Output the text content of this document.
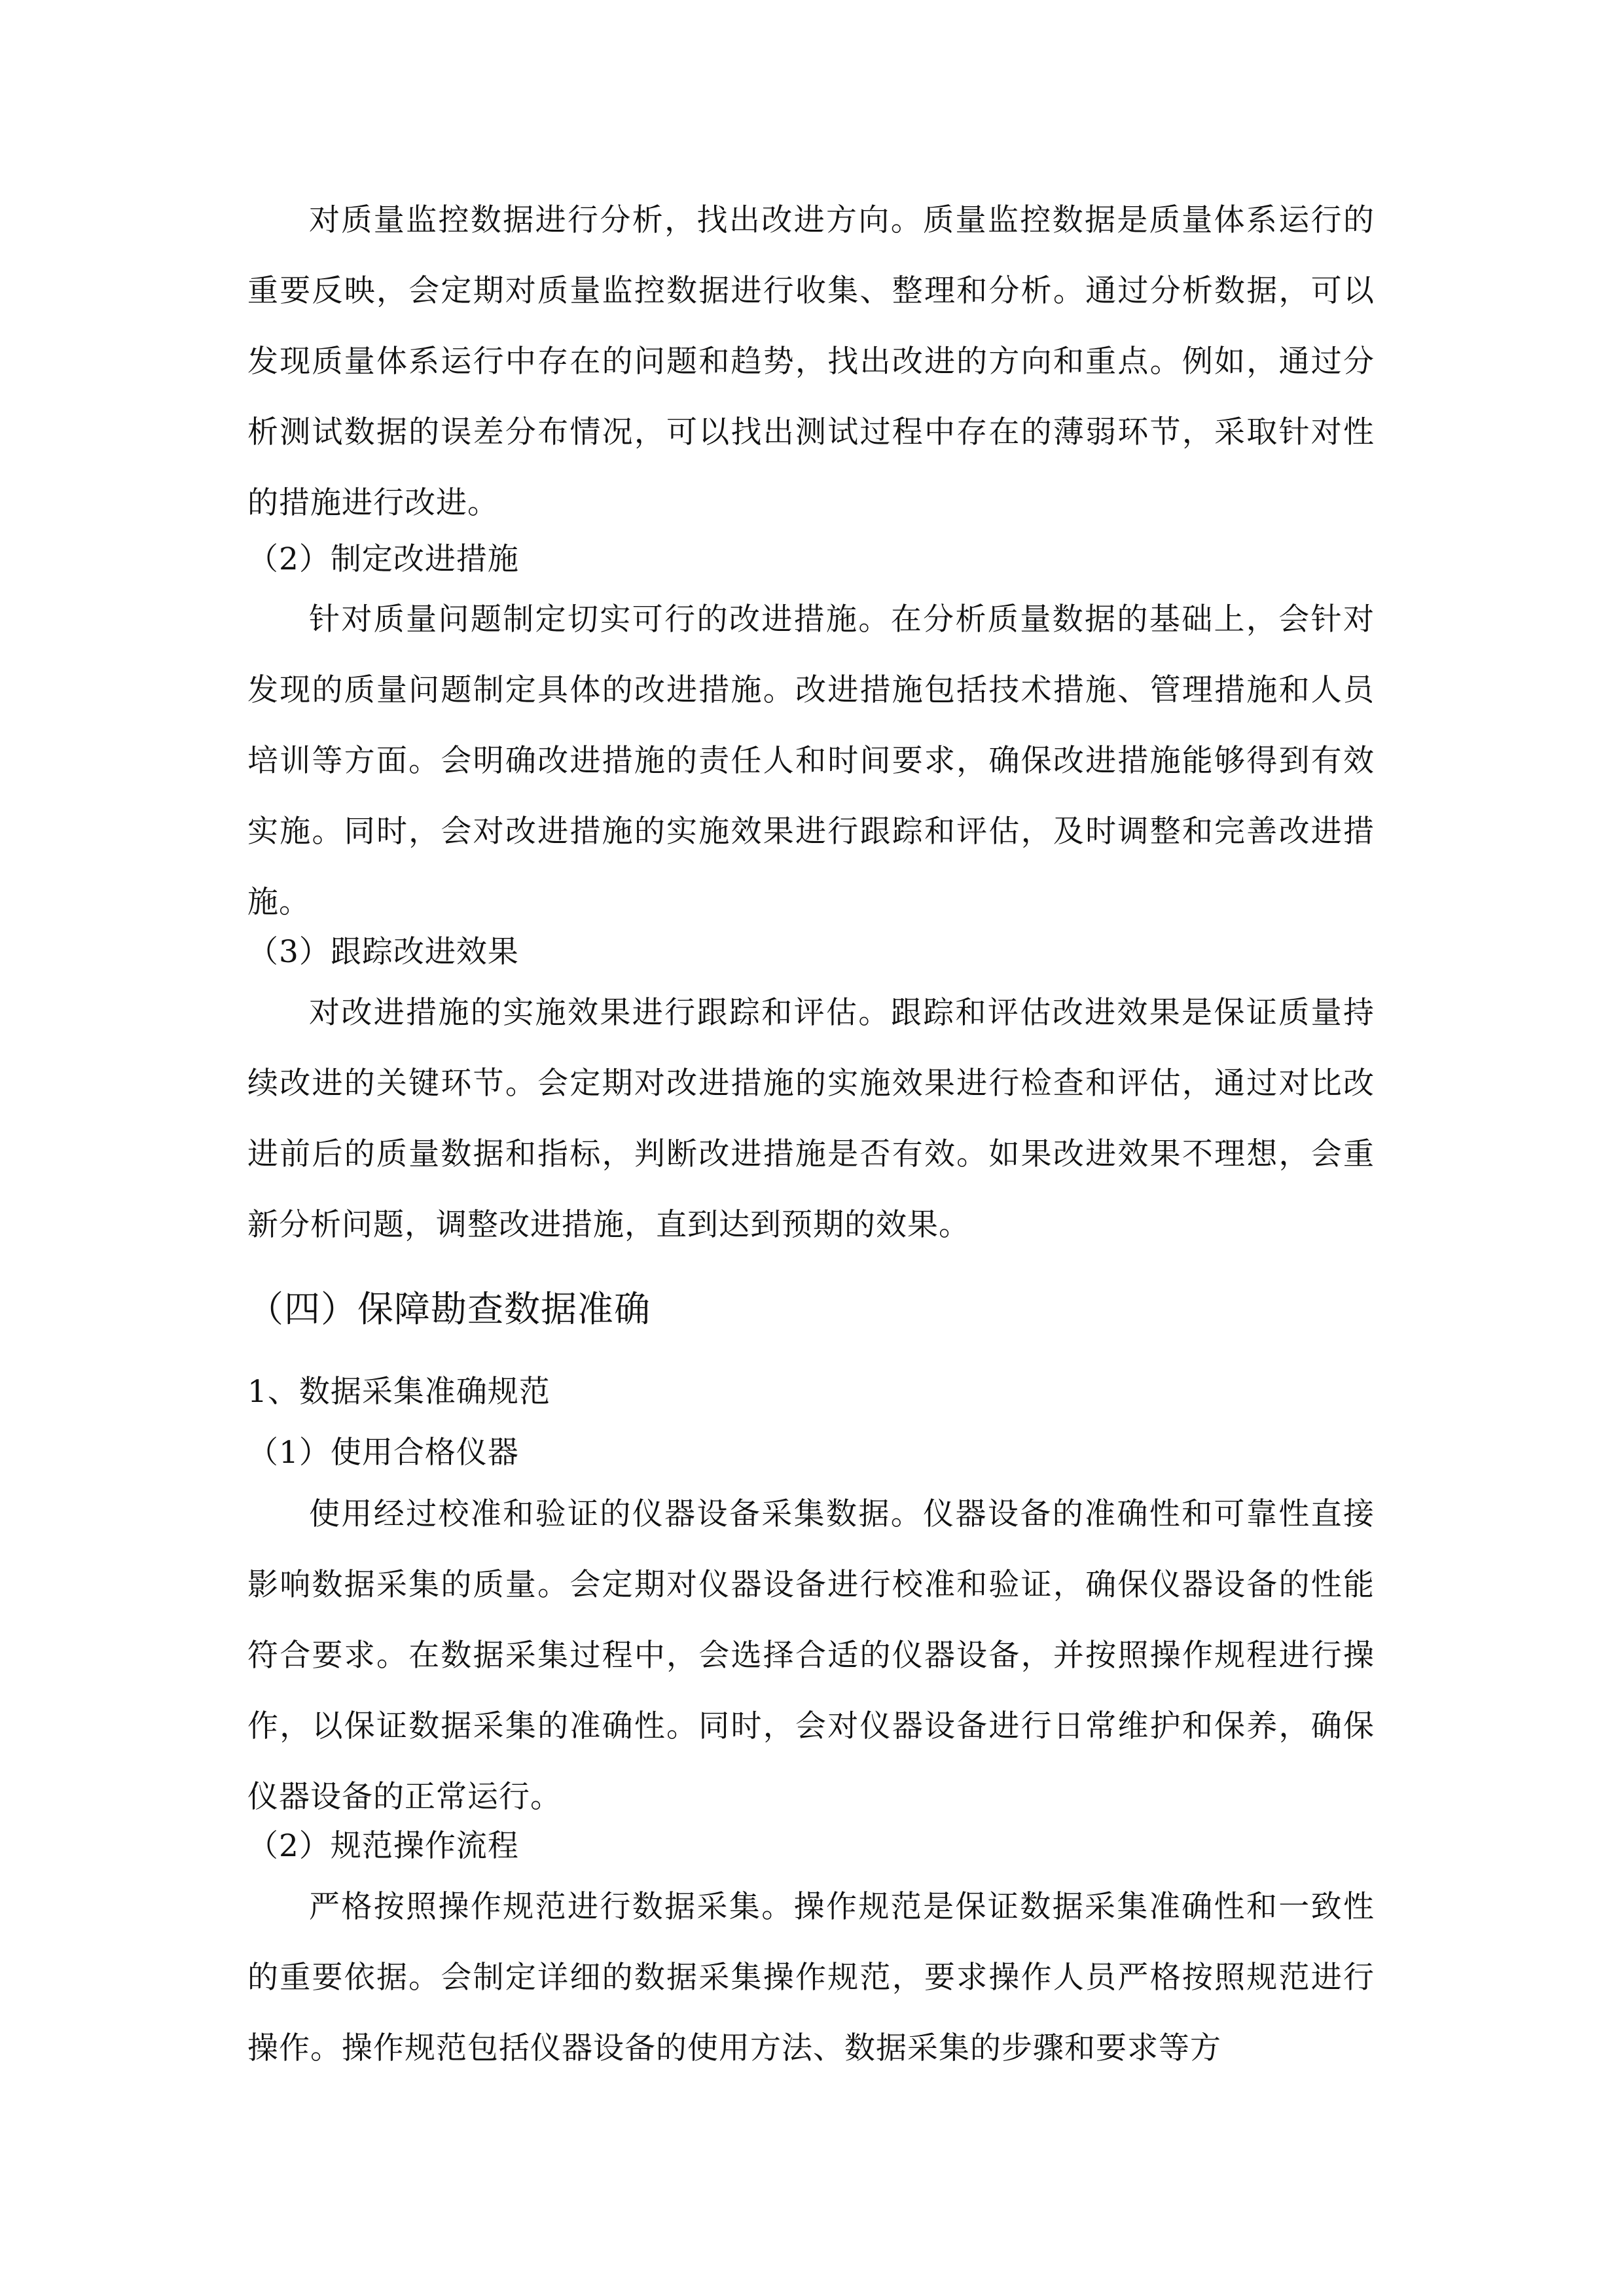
对质量监控数据进行分析，找出改进方向。质量监控数据是质量体系运行的重要反映，会定期对质量监控数据进行收集、整理和分析。通过分析数据，可以发现质量体系运行中存在的问题和趋势，找出改进的方向和重点。例如，通过分析测试数据的误差分布情况，可以找出测试过程中存在的薄弱环节，采取针对性的措施进行改进。

（2）制定改进措施

针对质量问题制定切实可行的改进措施。在分析质量数据的基础上，会针对发现的质量问题制定具体的改进措施。改进措施包括技术措施、管理措施和人员培训等方面。会明确改进措施的责任人和时间要求，确保改进措施能够得到有效实施。同时，会对改进措施的实施效果进行跟踪和评估，及时调整和完善改进措施。

（3）跟踪改进效果

对改进措施的实施效果进行跟踪和评估。跟踪和评估改进效果是保证质量持续改进的关键环节。会定期对改进措施的实施效果进行检查和评估，通过对比改进前后的质量数据和指标，判断改进措施是否有效。如果改进效果不理想，会重新分析问题，调整改进措施，直到达到预期的效果。

（四）保障勘查数据准确

1、数据采集准确规范

（1）使用合格仪器

使用经过校准和验证的仪器设备采集数据。仪器设备的准确性和可靠性直接影响数据采集的质量。会定期对仪器设备进行校准和验证，确保仪器设备的性能符合要求。在数据采集过程中，会选择合适的仪器设备，并按照操作规程进行操作，以保证数据采集的准确性。同时，会对仪器设备进行日常维护和保养，确保仪器设备的正常运行。

（2）规范操作流程

严格按照操作规范进行数据采集。操作规范是保证数据采集准确性和一致性的重要依据。会制定详细的数据采集操作规范，要求操作人员严格按照规范进行操作。操作规范包括仪器设备的使用方法、数据采集的步骤和要求等方
